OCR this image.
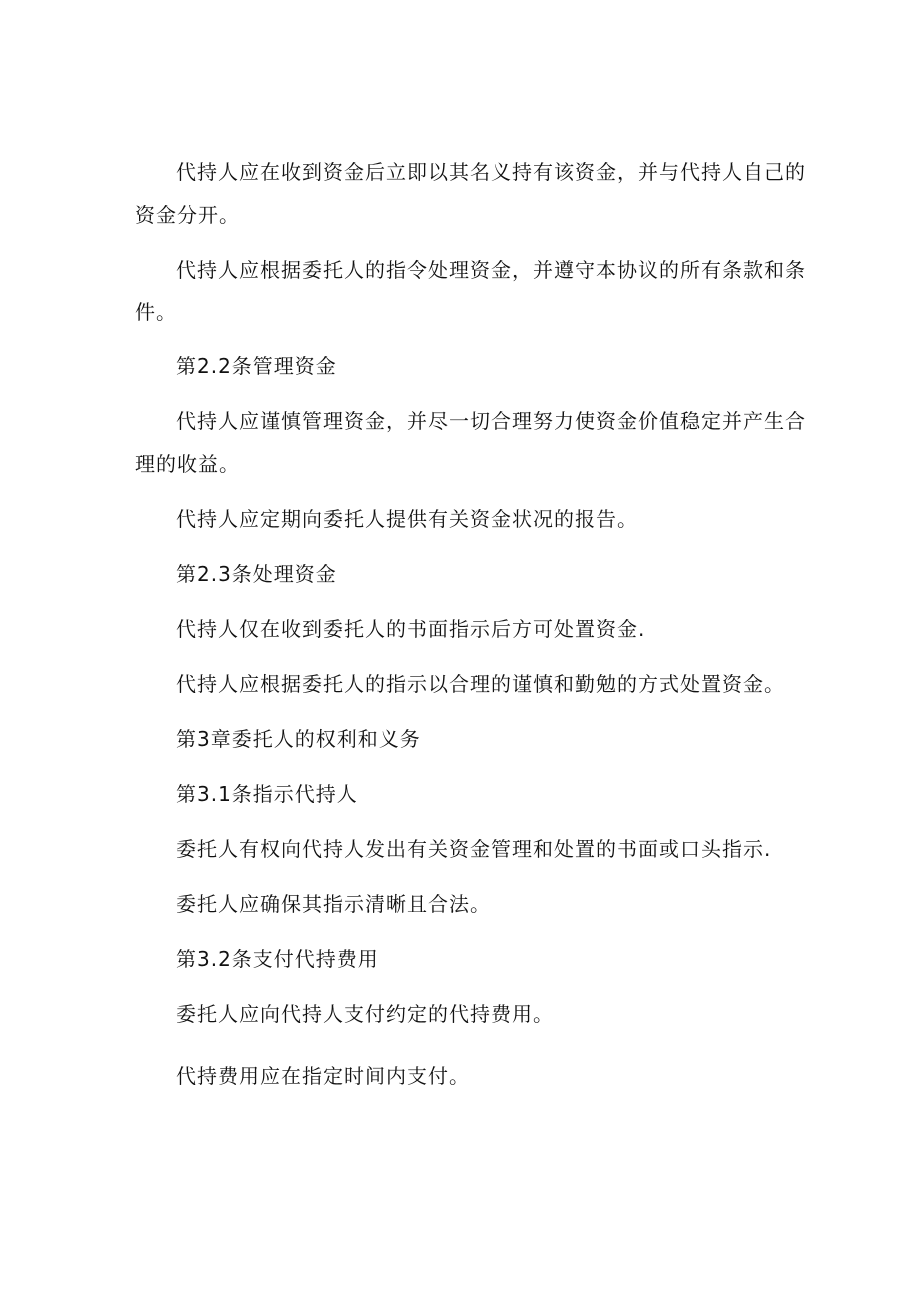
代持人应在收到资金后立即以其名义持有该资金，并与代持人自己的
资金分开。
代持人应根据委托人的指令处理资金，并遵守本协议的所有条款和条
件。
第2.2条管理资金
代持人应谨慎管理资金，并尽一切合理努力使资金价值稳定并产生合
理的收益。
代持人应定期向委托人提供有关资金状况的报告。
第2.3条处理资金
代持人仅在收到委托人的书面指示后方可处置资金.
代持人应根据委托人的指示以合理的谨慎和勤勉的方式处置资金。
第3章委托人的权利和义务
第3.1条指示代持人
委托人有权向代持人发出有关资金管理和处置的书面或口头指示.
委托人应确保其指示清晰且合法。
第3.2条支付代持费用
委托人应向代持人支付约定的代持费用。
代持费用应在指定时间内支付。
